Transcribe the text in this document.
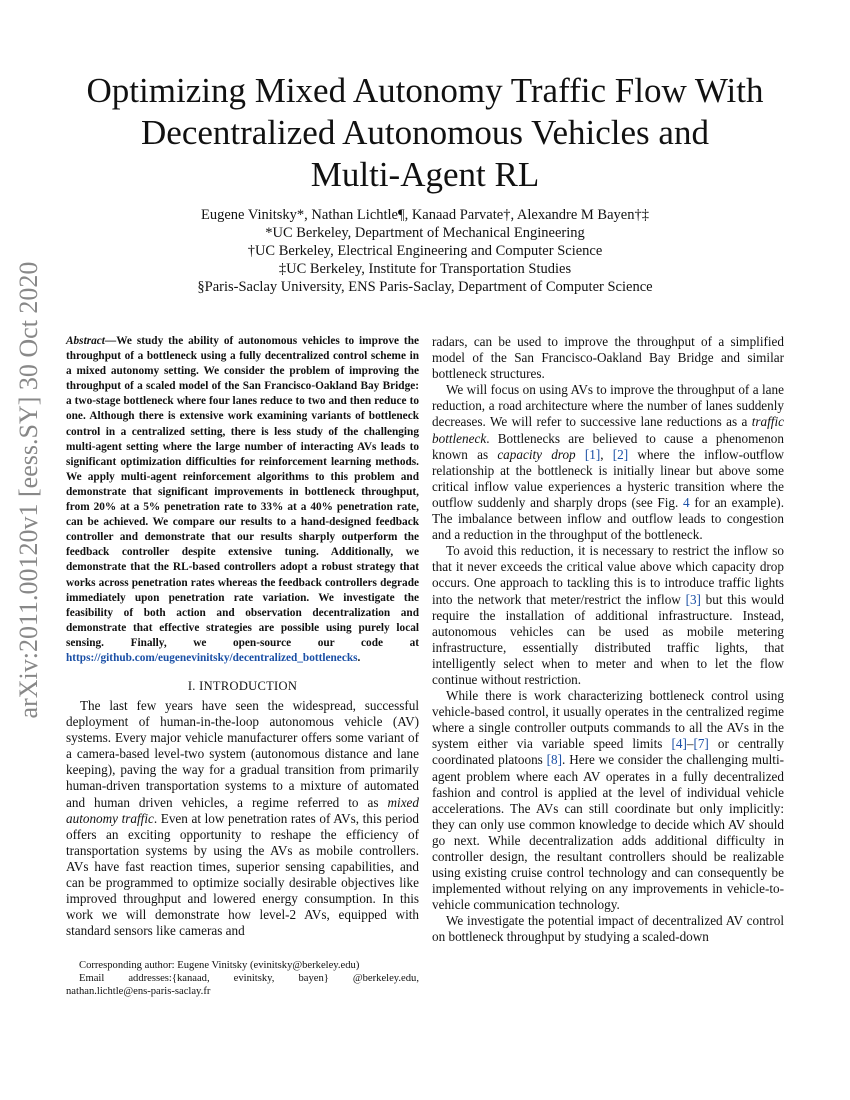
arXiv:2011.00120v1 [eess.SY] 30 Oct 2020
Optimizing Mixed Autonomy Traffic Flow With
Decentralized Autonomous Vehicles and
Multi-Agent RL
Eugene Vinitsky*, Nathan Lichtle¶, Kanaad Parvate†, Alexandre M Bayen†‡
*UC Berkeley, Department of Mechanical Engineering
†UC Berkeley, Electrical Engineering and Computer Science
‡UC Berkeley, Institute for Transportation Studies
§Paris-Saclay University, ENS Paris-Saclay, Department of Computer Science
Abstract—We study the ability of autonomous vehicles to improve the throughput of a bottleneck using a fully decentralized control scheme in a mixed autonomy setting. We consider the problem of improving the throughput of a scaled model of the San Francisco-Oakland Bay Bridge: a two-stage bottleneck where four lanes reduce to two and then reduce to one. Although there is extensive work examining variants of bottleneck control in a centralized setting, there is less study of the challenging multi-agent setting where the large number of interacting AVs leads to significant optimization difficulties for reinforcement learning methods. We apply multi-agent reinforcement algorithms to this problem and demonstrate that significant improvements in bottleneck throughput, from 20% at a 5% penetration rate to 33% at a 40% penetration rate, can be achieved. We compare our results to a hand-designed feedback controller and demonstrate that our results sharply outperform the feedback controller despite extensive tuning. Additionally, we demonstrate that the RL-based controllers adopt a robust strategy that works across penetration rates whereas the feedback controllers degrade immediately upon penetration rate variation. We investigate the feasibility of both action and observation decentralization and demonstrate that effective strategies are possible using purely local sensing. Finally, we open-source our code at https://github.com/eugenevinitsky/decentralized_bottlenecks.
I. INTRODUCTION

The last few years have seen the widespread, successful deployment of human-in-the-loop autonomous vehicle (AV) systems. Every major vehicle manufacturer offers some variant of a camera-based level-two system (autonomous distance and lane keeping), paving the way for a gradual transition from primarily human-driven transportation systems to a mixture of automated and human driven vehicles, a regime referred to as mixed autonomy traffic. Even at low penetration rates of AVs, this period offers an exciting opportunity to reshape the efficiency of transportation systems by using the AVs as mobile controllers. AVs have fast reaction times, superior sensing capabilities, and can be programmed to optimize socially desirable objectives like improved throughput and lowered energy consumption. In this work we will demonstrate how level-2 AVs, equipped with standard sensors like cameras and

Corresponding author: Eugene Vinitsky (evinitsky@berkeley.edu)

Email addresses:{kanaad, evinitsky, bayen} @berkeley.edu, nathan.lichtle@ens-paris-saclay.fr

radars, can be used to improve the throughput of a simplified model of the San Francisco-Oakland Bay Bridge and similar bottleneck structures.

We will focus on using AVs to improve the throughput of a lane reduction, a road architecture where the number of lanes suddenly decreases. We will refer to successive lane reductions as a traffic bottleneck. Bottlenecks are believed to cause a phenomenon known as capacity drop [1], [2] where the inflow-outflow relationship at the bottleneck is initially linear but above some critical inflow value experiences a hysteric transition where the outflow suddenly and sharply drops (see Fig. 4 for an example). The imbalance between inflow and outflow leads to congestion and a reduction in the throughput of the bottleneck.

To avoid this reduction, it is necessary to restrict the inflow so that it never exceeds the critical value above which capacity drop occurs. One approach to tackling this is to introduce traffic lights into the network that meter/restrict the inflow [3] but this would require the installation of additional infrastructure. Instead, autonomous vehicles can be used as mobile metering infrastructure, essentially distributed traffic lights, that intelligently select when to meter and when to let the flow continue without restriction.

While there is work characterizing bottleneck control using vehicle-based control, it usually operates in the centralized regime where a single controller outputs commands to all the AVs in the system either via variable speed limits [4]–[7] or centrally coordinated platoons [8]. Here we consider the challenging multi-agent problem where each AV operates in a fully decentralized fashion and control is applied at the level of individual vehicle accelerations. The AVs can still coordinate but only implicitly: they can only use common knowledge to decide which AV should go next. While decentralization adds additional difficulty in controller design, the resultant controllers should be realizable using existing cruise control technology and can consequently be implemented without relying on any improvements in vehicle-to-vehicle communication technology.

We investigate the potential impact of decentralized AV control on bottleneck throughput by studying a scaled-down
